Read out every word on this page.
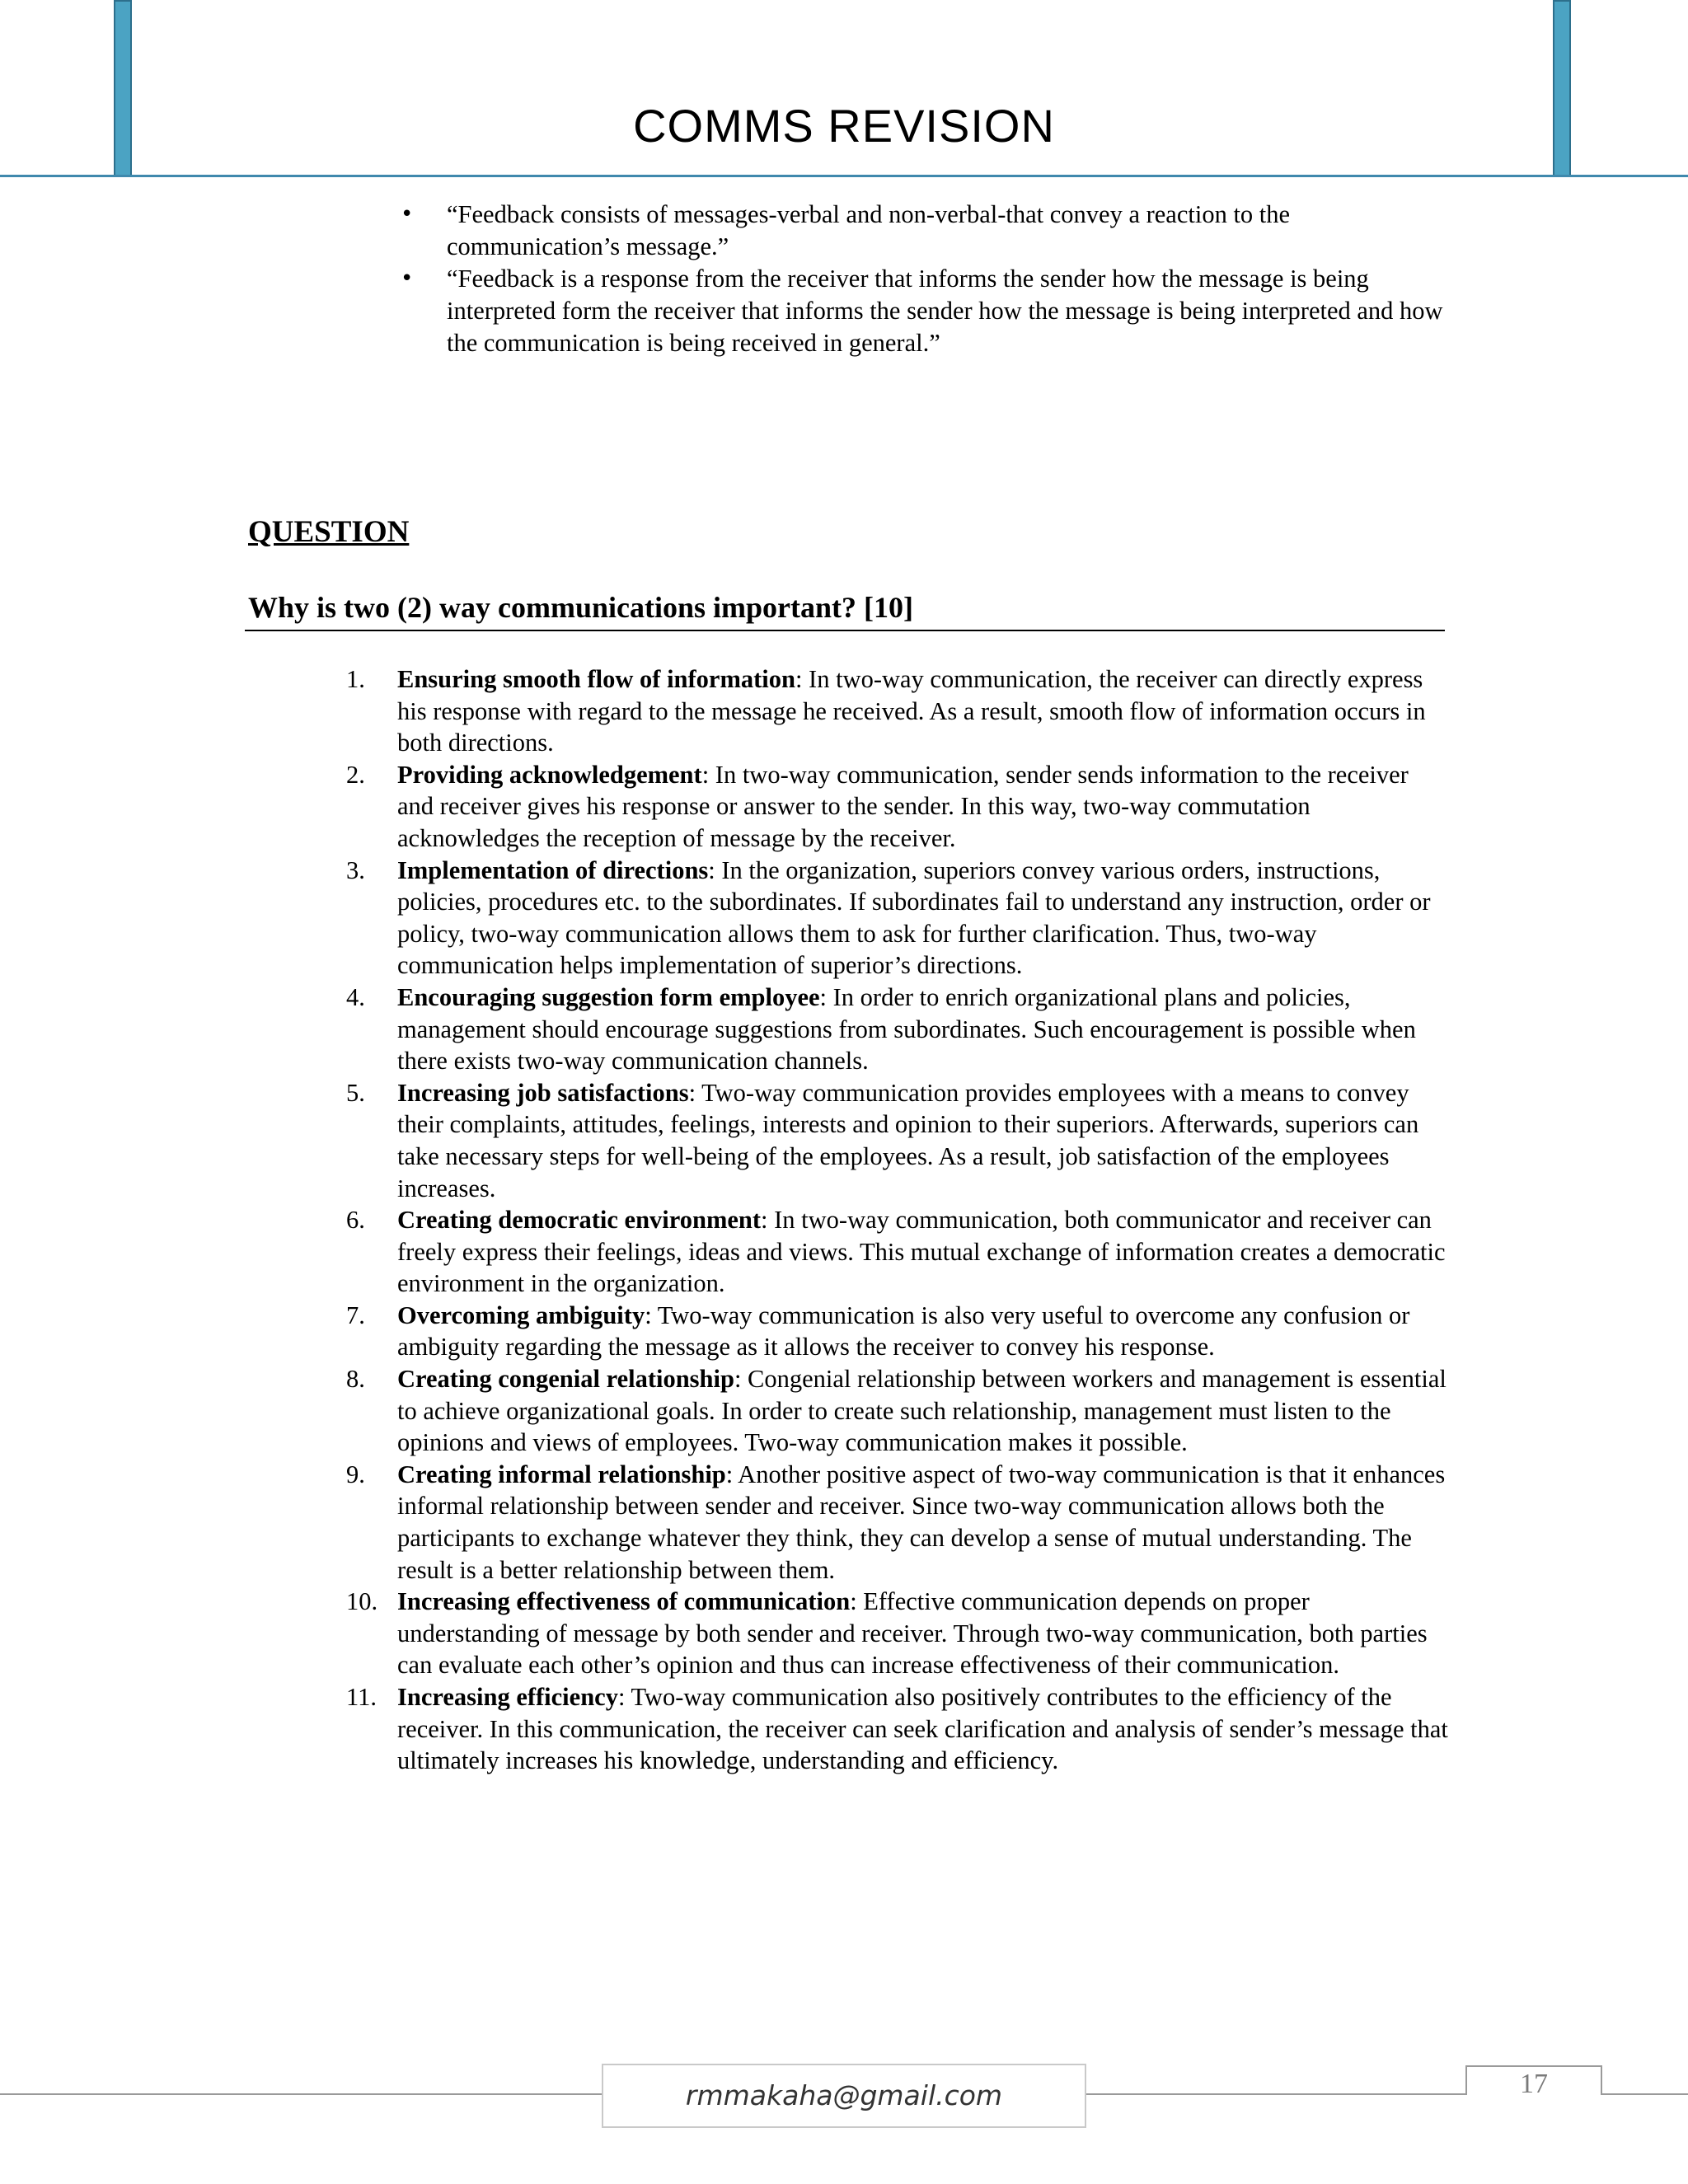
COMMS REVISION
• “Feedback consists of messages-verbal and non-verbal-that convey a reaction to the communication’s message.”
• “Feedback is a response from the receiver that informs the sender how the message is being interpreted form the receiver that informs the sender how the message is being interpreted and how the communication is being received in general.”
QUESTION
Why is two (2) way communications important? [10]
1. Ensuring smooth flow of information: In two-way communication, the receiver can directly express his response with regard to the message he received. As a result, smooth flow of information occurs in both directions.
2. Providing acknowledgement: In two-way communication, sender sends information to the receiver and receiver gives his response or answer to the sender. In this way, two-way commutation acknowledges the reception of message by the receiver.
3. Implementation of directions: In the organization, superiors convey various orders, instructions, policies, procedures etc. to the subordinates. If subordinates fail to understand any instruction, order or policy, two-way communication allows them to ask for further clarification. Thus, two-way communication helps implementation of superior’s directions.
4. Encouraging suggestion form employee: In order to enrich organizational plans and policies, management should encourage suggestions from subordinates. Such encouragement is possible when there exists two-way communication channels.
5. Increasing job satisfactions: Two-way communication provides employees with a means to convey their complaints, attitudes, feelings, interests and opinion to their superiors. Afterwards, superiors can take necessary steps for well-being of the employees. As a result, job satisfaction of the employees increases.
6. Creating democratic environment: In two-way communication, both communicator and receiver can freely express their feelings, ideas and views. This mutual exchange of information creates a democratic environment in the organization.
7. Overcoming ambiguity: Two-way communication is also very useful to overcome any confusion or ambiguity regarding the message as it allows the receiver to convey his response.
8. Creating congenial relationship: Congenial relationship between workers and management is essential to achieve organizational goals. In order to create such relationship, management must listen to the opinions and views of employees. Two-way communication makes it possible.
9. Creating informal relationship: Another positive aspect of two-way communication is that it enhances informal relationship between sender and receiver. Since two-way communication allows both the participants to exchange whatever they think, they can develop a sense of mutual understanding. The result is a better relationship between them.
10. Increasing effectiveness of communication: Effective communication depends on proper understanding of message by both sender and receiver. Through two-way communication, both parties can evaluate each other’s opinion and thus can increase effectiveness of their communication.
11. Increasing efficiency: Two-way communication also positively contributes to the efficiency of the receiver. In this communication, the receiver can seek clarification and analysis of sender’s message that ultimately increases his knowledge, understanding and efficiency.
rmmakaha@gmail.com	17
